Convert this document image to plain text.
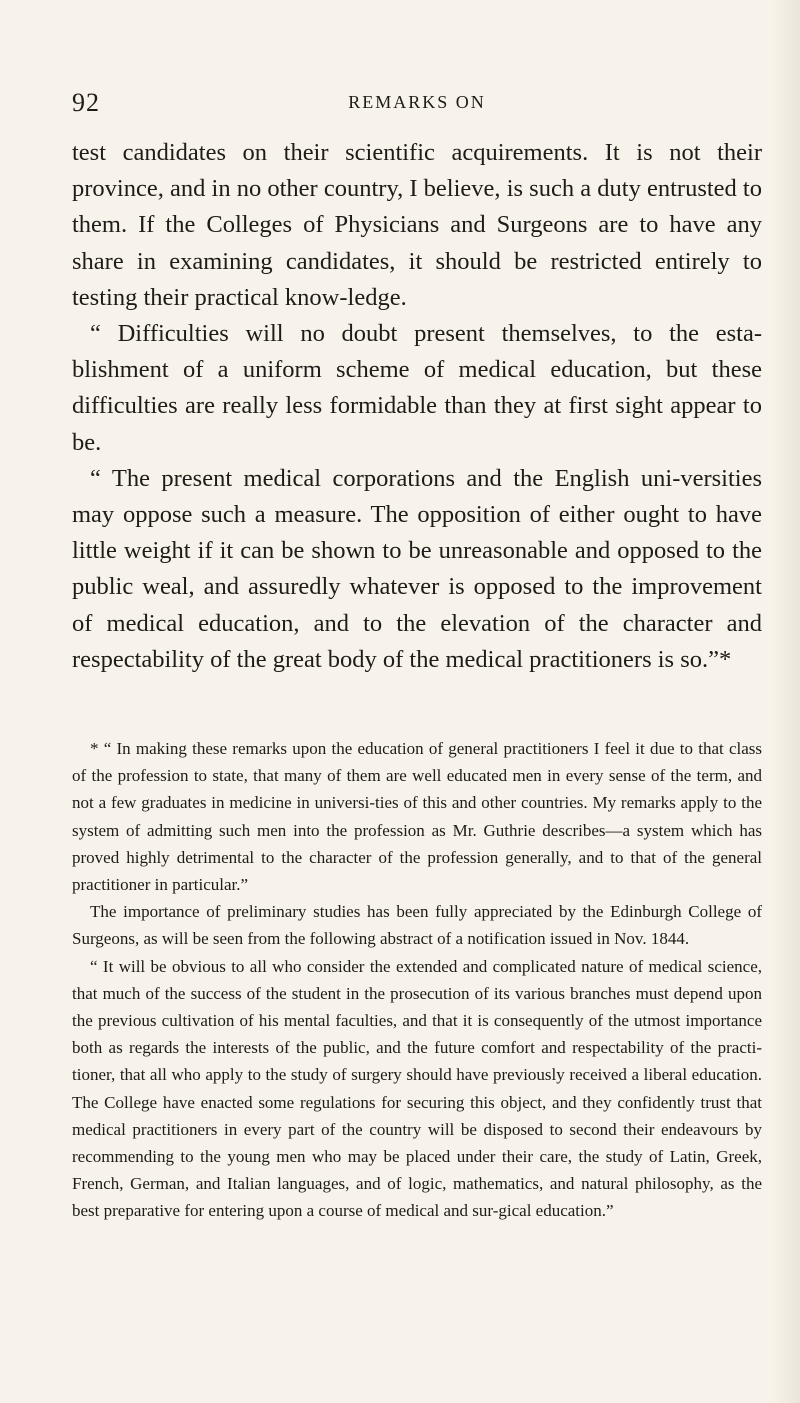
92	REMARKS ON

test candidates on their scientific acquirements. It is not their province, and in no other country, I believe, is such a duty entrusted to them. If the Colleges of Physicians and Surgeons are to have any share in examining candidates, it should be restricted entirely to testing their practical know-ledge.

“ Difficulties will no doubt present themselves, to the esta-blishment of a uniform scheme of medical education, but these difficulties are really less formidable than they at first sight appear to be.

“ The present medical corporations and the English uni-versities may oppose such a measure. The opposition of either ought to have little weight if it can be shown to be unreasonable and opposed to the public weal, and assuredly whatever is opposed to the improvement of medical education, and to the elevation of the character and respectability of the great body of the medical practitioners is so.”*

* “ In making these remarks upon the education of general practitioners I feel it due to that class of the profession to state, that many of them are well educated men in every sense of the term, and not a few graduates in medicine in universi-ties of this and other countries. My remarks apply to the system of admitting such men into the profession as Mr. Guthrie describes—a system which has proved highly detrimental to the character of the profession generally, and to that of the general practitioner in particular.”

The importance of preliminary studies has been fully appreciated by the Edinburgh College of Surgeons, as will be seen from the following abstract of a notification issued in Nov. 1844.

“ It will be obvious to all who consider the extended and complicated nature of medical science, that much of the success of the student in the prosecution of its various branches must depend upon the previous cultivation of his mental faculties, and that it is consequently of the utmost importance both as regards the interests of the public, and the future comfort and respectability of the practi-tioner, that all who apply to the study of surgery should have previously received a liberal education. The College have enacted some regulations for securing this object, and they confidently trust that medical practitioners in every part of the country will be disposed to second their endeavours by recommending to the young men who may be placed under their care, the study of Latin, Greek, French, German, and Italian languages, and of logic, mathematics, and natural philosophy, as the best preparative for entering upon a course of medical and sur-gical education.”
